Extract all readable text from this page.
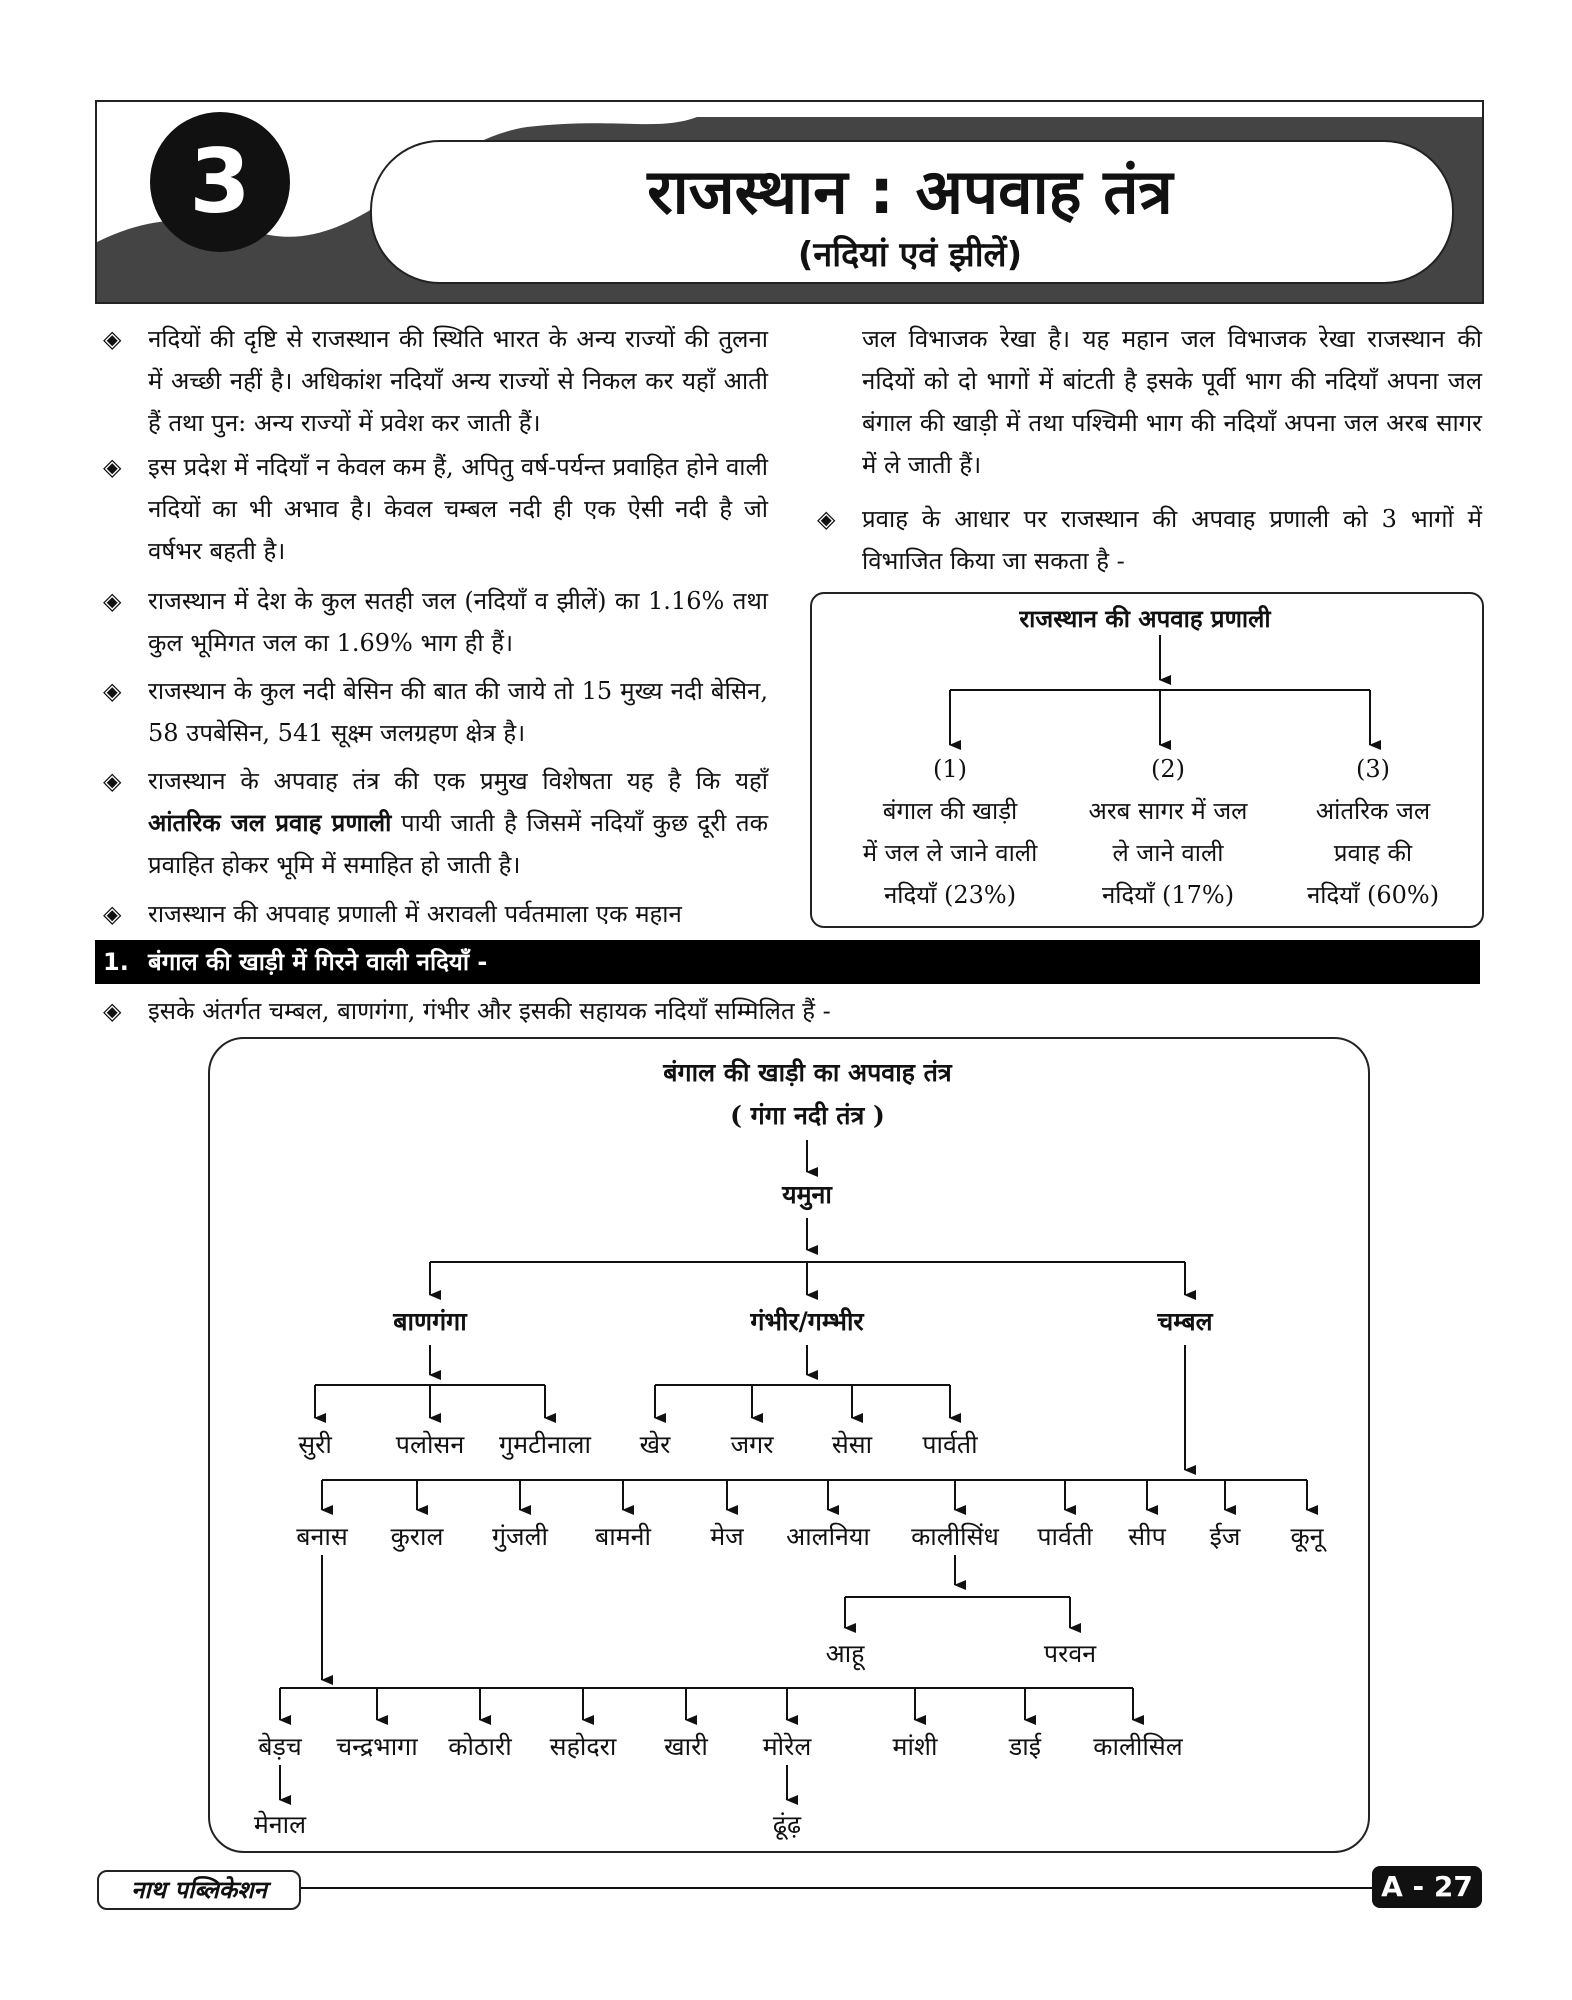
3	राजस्थान : अपवाह तंत्र
(नदियां एवं झीलें)
◈ नदियों की दृष्टि से राजस्थान की स्थिति भारत के अन्य राज्यों की तुलना में अच्छी नहीं है। अधिकांश नदियाँ अन्य राज्यों से निकल कर यहाँ आती हैं तथा पुन: अन्य राज्यों में प्रवेश कर जाती हैं।
◈ इस प्रदेश में नदियाँ न केवल कम हैं, अपितु वर्ष-पर्यन्त प्रवाहित होने वाली नदियों का भी अभाव है। केवल चम्बल नदी ही एक ऐसी नदी है जो वर्षभर बहती है।
◈ राजस्थान में देश के कुल सतही जल (नदियाँ व झीलें) का 1.16% तथा कुल भूमिगत जल का 1.69% भाग ही हैं।
◈ राजस्थान के कुल नदी बेसिन की बात की जाये तो 15 मुख्य नदी बेसिन, 58 उपबेसिन, 541 सूक्ष्म जलग्रहण क्षेत्र है।
◈ राजस्थान के अपवाह तंत्र की एक प्रमुख विशेषता यह है कि यहाँ आंतरिक जल प्रवाह प्रणाली पायी जाती है जिसमें नदियाँ कुछ दूरी तक प्रवाहित होकर भूमि में समाहित हो जाती है।
◈ राजस्थान की अपवाह प्रणाली में अरावली पर्वतमाला एक महान
जल विभाजक रेखा है। यह महान जल विभाजक रेखा राजस्थान की नदियों को दो भागों में बांटती है इसके पूर्वी भाग की नदियाँ अपना जल बंगाल की खाड़ी में तथा पश्चिमी भाग की नदियाँ अपना जल अरब सागर में ले जाती हैं।
◈ प्रवाह के आधार पर राजस्थान की अपवाह प्रणाली को 3 भागों में विभाजित किया जा सकता है -
राजस्थान की अपवाह प्रणाली
(1)
बंगाल की खाड़ी
में जल ले जाने वाली
नदियाँ (23%)
(2)
अरब सागर में जल
ले जाने वाली
नदियाँ (17%)
(3)
आंतरिक जल
प्रवाह की
नदियाँ (60%)
1. बंगाल की खाड़ी में गिरने वाली नदियाँ -
◈ इसके अंतर्गत चम्बल, बाणगंगा, गंभीर और इसकी सहायक नदियाँ सम्मिलित हैं -
बंगाल की खाड़ी का अपवाह तंत्र
( गंगा नदी तंत्र )
यमुना
बाणगंगा	गंभीर/गम्भीर	चम्बल
सुरी	पलोसन	गुमटीनाला	खेर	जगर	सेसा	पार्वती
बनास	कुराल	गुंजली	बामनी	मेज	आलनिया	कालीसिंध	पार्वती	सीप	ईज	कूनू
आहू	परवन
बेड़च	चन्द्रभागा	कोठारी	सहोदरा	खारी	मोरेल	मांशी	डाई	कालीसिल
मेनाल	ढूंढ़
नाथ पब्लिकेशन	A - 27
